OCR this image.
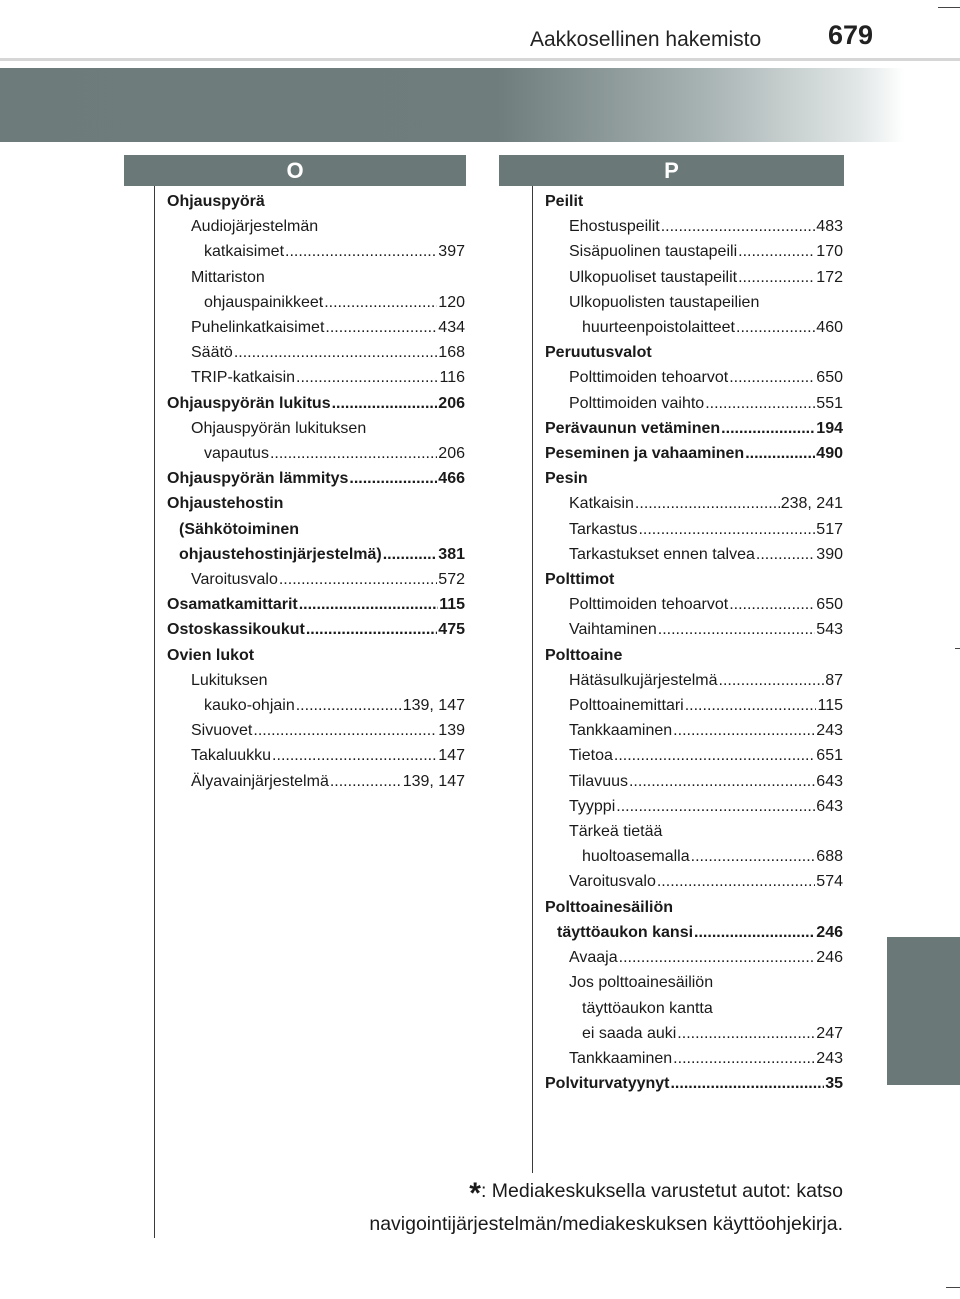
Aakkosellinen hakemisto 679
O	P
Ohjauspyörä
Audiojärjestelmän
katkaisimet .....	397
Mittariston
ohjauspainikkeet .....	120
Puhelinkatkaisimet .....	434
Säätö .....	168
TRIP-katkaisin .....	116
Ohjauspyörän lukitus .....	206
Ohjauspyörän lukituksen
vapautus .....	206
Ohjauspyörän lämmitys .....	466
Ohjaustehostin
(Sähkötoiminen
ohjaustehostinjärjestelmä) .....	381
Varoitusvalo .....	572
Osamatkamittarit .....	115
Ostoskassikoukut .....	475
Ovien lukot
Lukituksen
kauko-ohjain .....	139, 147
Sivuovet .....	139
Takaluukku .....	147
Älyavainjärjestelmä .....	139, 147
Peilit
Ehostuspeilit .....	483
Sisäpuolinen taustapeili .....	170
Ulkopuoliset taustapeilit .....	172
Ulkopuolisten taustapeilien
huurteenpoistolaitteet .....	460
Peruutusvalot
Polttimoiden tehoarvot .....	650
Polttimoiden vaihto .....	551
Perävaunun vetäminen .....	194
Peseminen ja vahaaminen .....	490
Pesin
Katkaisin .....	238, 241
Tarkastus .....	517
Tarkastukset ennen talvea .....	390
Polttimot
Polttimoiden tehoarvot .....	650
Vaihtaminen .....	543
Polttoaine
Hätäsulkujärjestelmä .....	87
Polttoainemittari .....	115
Tankkaaminen .....	243
Tietoa .....	651
Tilavuus .....	643
Tyyppi .....	643
Tärkeä tietää
huoltoasemalla .....	688
Varoitusvalo .....	574
Polttoainesäiliön
täyttöaukon kansi .....	246
Avaaja .....	246
Jos polttoainesäiliön
täyttöaukon kantta
ei saada auki .....	247
Tankkaaminen .....	243
Polviturvatyynyt .....	35
*: Mediakeskuksella varustetut autot: katso
navigointijärjestelmän/mediakeskuksen käyttöohjekirja.
